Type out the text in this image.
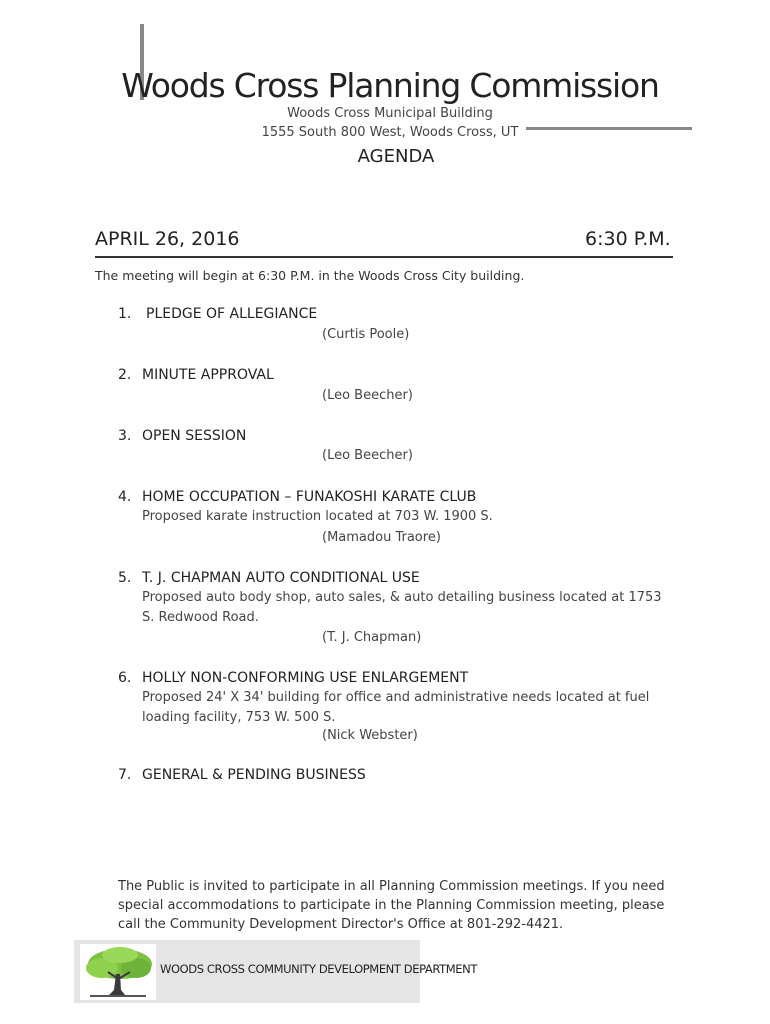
Woods Cross Planning Commission
Woods Cross Municipal Building
1555 South 800 West, Woods Cross, UT
AGENDA
APRIL 26, 2016	6:30 P.M.
The meeting will begin at 6:30 P.M. in the Woods Cross City building.
1. PLEDGE OF ALLEGIANCE
(Curtis Poole)
2. MINUTE APPROVAL
(Leo Beecher)
3. OPEN SESSION
(Leo Beecher)
4. HOME OCCUPATION – FUNAKOSHI KARATE CLUB
Proposed karate instruction located at 703 W. 1900 S.
(Mamadou Traore)
5. T. J. CHAPMAN AUTO CONDITIONAL USE
Proposed auto body shop, auto sales, & auto detailing business located at 1753 S. Redwood Road.
(T. J. Chapman)
6. HOLLY NON-CONFORMING USE ENLARGEMENT
Proposed 24' X 34' building for office and administrative needs located at fuel loading facility, 753 W. 500 S.
(Nick Webster)
7. GENERAL & PENDING BUSINESS
The Public is invited to participate in all Planning Commission meetings. If you need special accommodations to participate in the Planning Commission meeting, please call the Community Development Director's Office at 801-292-4421.
WOODS CROSS COMMUNITY DEVELOPMENT DEPARTMENT
